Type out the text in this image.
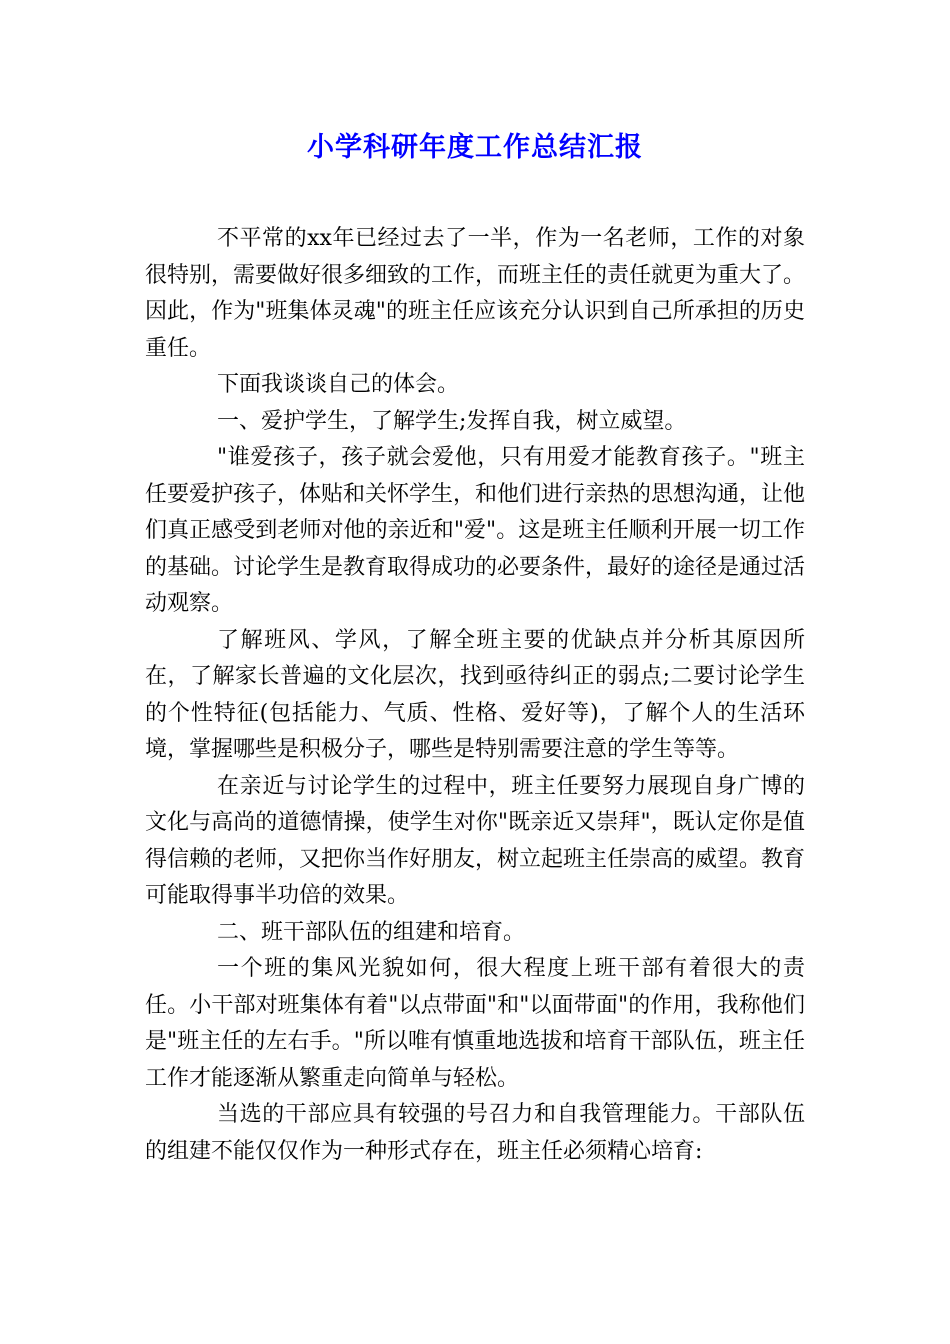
小学科研年度工作总结汇报

不平常的xx年已经过去了一半，作为一名老师，工作的对象很特别，需要做好很多细致的工作，而班主任的责任就更为重大了。因此，作为"班集体灵魂"的班主任应该充分认识到自己所承担的历史重任。

下面我谈谈自己的体会。

一、爱护学生，了解学生;发挥自我，树立威望。

"谁爱孩子，孩子就会爱他，只有用爱才能教育孩子。"班主任要爱护孩子，体贴和关怀学生，和他们进行亲热的思想沟通，让他们真正感受到老师对他的亲近和"爱"。这是班主任顺利开展一切工作的基础。讨论学生是教育取得成功的必要条件，最好的途径是通过活动观察。

了解班风、学风，了解全班主要的优缺点并分析其原因所在，了解家长普遍的文化层次，找到亟待纠正的弱点;二要讨论学生的个性特征(包括能力、气质、性格、爱好等)，了解个人的生活环境，掌握哪些是积极分子，哪些是特别需要注意的学生等等。

在亲近与讨论学生的过程中，班主任要努力展现自身广博的文化与高尚的道德情操，使学生对你"既亲近又崇拜"，既认定你是值得信赖的老师，又把你当作好朋友，树立起班主任崇高的威望。教育可能取得事半功倍的效果。

二、班干部队伍的组建和培育。

一个班的集风光貌如何，很大程度上班干部有着很大的责任。小干部对班集体有着"以点带面"和"以面带面"的作用，我称他们是"班主任的左右手。"所以唯有慎重地选拔和培育干部队伍，班主任工作才能逐渐从繁重走向简单与轻松。

当选的干部应具有较强的号召力和自我管理能力。干部队伍的组建不能仅仅作为一种形式存在，班主任必须精心培育:
